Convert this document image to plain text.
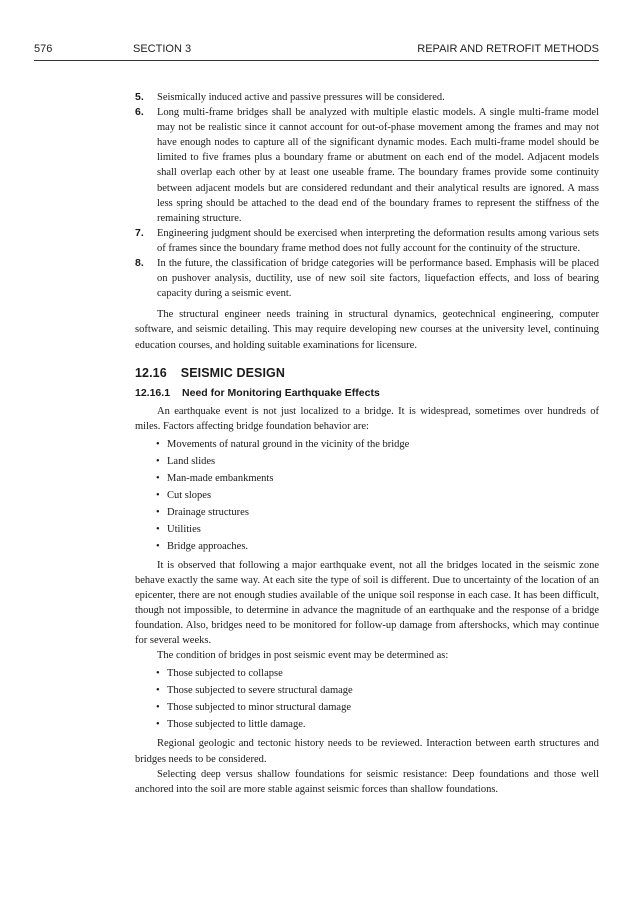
576	SECTION 3	REPAIR AND RETROFIT METHODS
5. Seismically induced active and passive pressures will be considered.
6. Long multi-frame bridges shall be analyzed with multiple elastic models. A single multi-frame model may not be realistic since it cannot account for out-of-phase movement among the frames and may not have enough nodes to capture all of the significant dynamic modes. Each multi-frame model should be limited to five frames plus a boundary frame or abutment on each end of the model. Adjacent models shall overlap each other by at least one useable frame. The boundary frames provide some continuity between adjacent models but are considered redundant and their analytical results are ignored. A mass less spring should be attached to the dead end of the boundary frames to represent the stiffness of the remaining structure.
7. Engineering judgment should be exercised when interpreting the deformation results among various sets of frames since the boundary frame method does not fully account for the continuity of the structure.
8. In the future, the classification of bridge categories will be performance based. Emphasis will be placed on pushover analysis, ductility, use of new soil site factors, liquefaction effects, and loss of bearing capacity during a seismic event.

The structural engineer needs training in structural dynamics, geotechnical engineering, computer software, and seismic detailing. This may require developing new courses at the university level, continuing education courses, and holding suitable examinations for licensure.

12.16 SEISMIC DESIGN
12.16.1 Need for Monitoring Earthquake Effects

An earthquake event is not just localized to a bridge. It is widespread, sometimes over hundreds of miles. Factors affecting bridge foundation behavior are:

• Movements of natural ground in the vicinity of the bridge
• Land slides
• Man-made embankments
• Cut slopes
• Drainage structures
• Utilities
• Bridge approaches.

It is observed that following a major earthquake event, not all the bridges located in the seismic zone behave exactly the same way. At each site the type of soil is different. Due to uncertainty of the location of an epicenter, there are not enough studies available of the unique soil response in each case. It has been difficult, though not impossible, to determine in advance the magnitude of an earthquake and the response of a bridge foundation. Also, bridges need to be monitored for follow-up damage from aftershocks, which may continue for several weeks.

The condition of bridges in post seismic event may be determined as:

• Those subjected to collapse
• Those subjected to severe structural damage
• Those subjected to minor structural damage
• Those subjected to little damage.

Regional geologic and tectonic history needs to be reviewed. Interaction between earth structures and bridges needs to be considered.

Selecting deep versus shallow foundations for seismic resistance: Deep foundations and those well anchored into the soil are more stable against seismic forces than shallow foundations.
